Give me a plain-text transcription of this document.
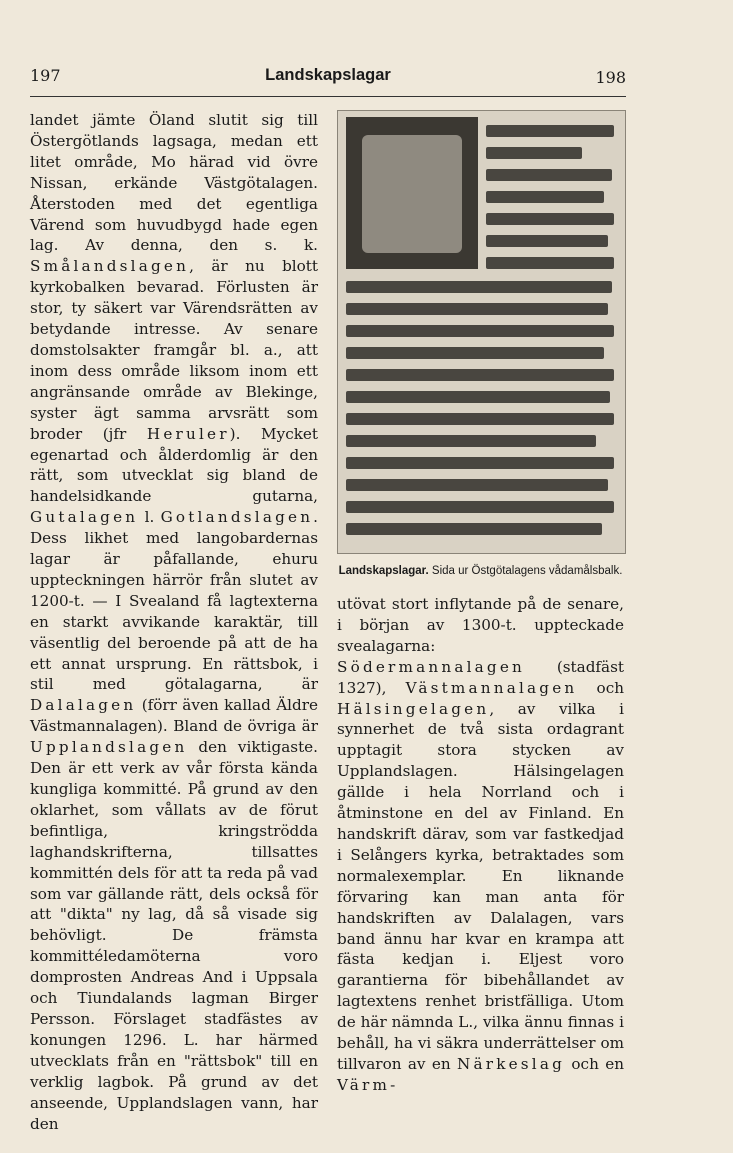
197	Landskapslagar	198

landet jämte Öland slutit sig till Östergötlands lagsaga, medan ett litet område, Mo härad vid övre Nissan, erkände Västgötalagen. Återstoden med det egentliga Värend som huvudbygd hade egen lag. Av denna, den s. k. Smålandslagen, är nu blott kyrkobalken bevarad. Förlusten är stor, ty säkert var Värendsrätten av betydande intresse. Av senare domstolsakter framgår bl. a., att inom dess område liksom inom ett angränsande område av Blekinge, syster ägt samma arvsrätt som broder (jfr Heruler). Mycket egenartad och ålderdomlig är den rätt, som utvecklat sig bland de handelsidkande gutarna, Gutalagen l. Gotlandslagen. Dess likhet med langobardernas lagar är påfallande, ehuru uppteckningen härrör från slutet av 1200-t. — I Svealand få lagtexterna en starkt avvikande karaktär, till väsentlig del beroende på att de ha ett annat ursprung. En rättsbok, i stil med götalagarna, är Dalalagen (förr även kallad Äldre Västmannalagen). Bland de övriga är Upplandslagen den viktigaste. Den är ett verk av vår första kända kungliga kommitté. På grund av den oklarhet, som vållats av de förut befintliga, kringströdda laghandskrifterna, tillsattes kommittén dels för att ta reda på vad som var gällande rätt, dels också för att "dikta" ny lag, då så visade sig behövligt. De främsta kommittéledamöterna voro domprosten Andreas And i Uppsala och Tiundalands lagman Birger Persson. Förslaget stadfästes av konungen 1296. L. har härmed utvecklats från en "rättsbok" till en verklig lagbok. På grund av det anseende, Upplandslagen vann, har den

Landskapslagar. Sida ur Östgötalagens vådamålsbalk.

utövat stort inflytande på de senare, i början av 1300-t. uppteckade svealagarna: Södermannalagen (stadfäst 1327), Västmannalagen och Hälsingelagen, av vilka i synnerhet de två sista ordagrant upptagit stora stycken av Upplandslagen. Hälsingelagen gällde i hela Norrland och i åtminstone en del av Finland. En handskrift därav, som var fastkedjad i Selångers kyrka, betraktades som normalexemplar. En liknande förvaring kan man anta för handskriften av Dalalagen, vars band ännu har kvar en krampa att fästa kedjan i. Eljest voro garantierna för bibehållandet av lagtextens renhet bristfälliga. Utom de här nämnda L., vilka ännu finnas i behåll, ha vi säkra underrättelser om tillvaron av en Närkeslag och en Värm-
